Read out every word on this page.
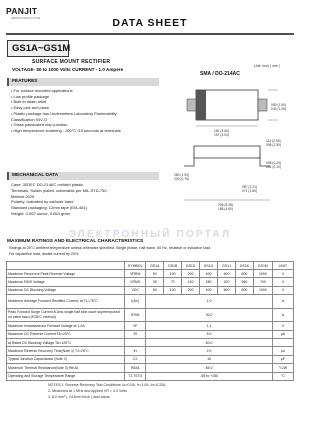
PANJIT
SEMICONDUCTOR	DATA SHEET
GS1A~GS1M
SURFACE MOUNT RECTIFIER
VOLTAGE- 50 to 1000 Volts CURRENT - 1.0 Ampere
Unit: inch ( mm )
SMA / DO-214AC
FEATURES
• For surface mounted applications
• Low profile package
• Built-in strain relief
• Easy pick and place
• Plastic package has Underwriters Laboratory Flammability
Classification 94V-O
• Glass passivated chip junction
• High temperature soldering : 260°C /10 seconds at terminals
MECHANICAL DATA
Case: JEDEC DO-214AC molded plastic
Terminals: Solder plated, solderable per MIL-STD-750,
Method 2026
Polarity: Indicated by cathode band
Standard packaging: 12mm tape (EIA-481)
Weight: 0.002 ounce, 0.064 gram
059 (1.50)
049 (1.25)
181 (4.60)
157 (4.00)
114 (2.90)
098 (2.50)
008 (0.20)
004 (0.10)
060 (1.52)
030 (0.76)
087 (2.21)
071 (1.80)
208 (5.28)
188 (4.80)
ЭЛЕКТРОННЫЙ ПОРТАЛ
MAXIMUM RATINGS AND ELECTRICAL CHARACTERISTICS
Ratings at 25°C ambient temperature unless otherwise specified. Single phase, half wave, 60 Hz, resistive or inductive load.
For capacitive load, derate current by 20%.
	SYMBOL	GS1A	GS1B	GS1D	GS1G	GS1J	GS1K	GS1M	UNIT
Maximum Recurrent Peak Reverse Voltage	VRRM	50	100	200	400	600	800	1000	V
Maximum RMS Voltage	VRMS	35	70	140	280	420	560	700	V
Maximum DC Blocking Voltage	VDC	50	100	200	400	600	800	1000	V
Maximum Average Forward Rectified Current, at TL=75°C	I(AV)	1.0							A
Peak Forward Surge Current 8.3ms single half sine-wave superimposed on rated load (JEDEC method)	IFSM	30.0							A
Maximum Instantaneous Forward Voltage at 1.0A	VF	1.1							V
Maximum DC Reverse Current TA=25°C	IR	5.0							µA
at Rated DC Blocking Voltage TA=125°C		50.0							
Maximum Reverse Recovery Time(Note 1) TJ=25°C	trr	2.0							µs
Typical Junction Capacitance (Note 2)	CJ	15							pF
Maximum Thermal Resistance(Note 3) RthJA	RθJA	85.0							°C/W
Operating and Storage Temperature Range	TJ,TSTG	-55 to +150							°C
NOTES:1. Reverse Recovery Test Conditions: Io=0.5A, Ir=1.0A, Irr=0.25A
2. Measured at 1 MHz and applied VR = 4.0 Volts
3. 8.0 mm² ( .013mm thick ) land areas
